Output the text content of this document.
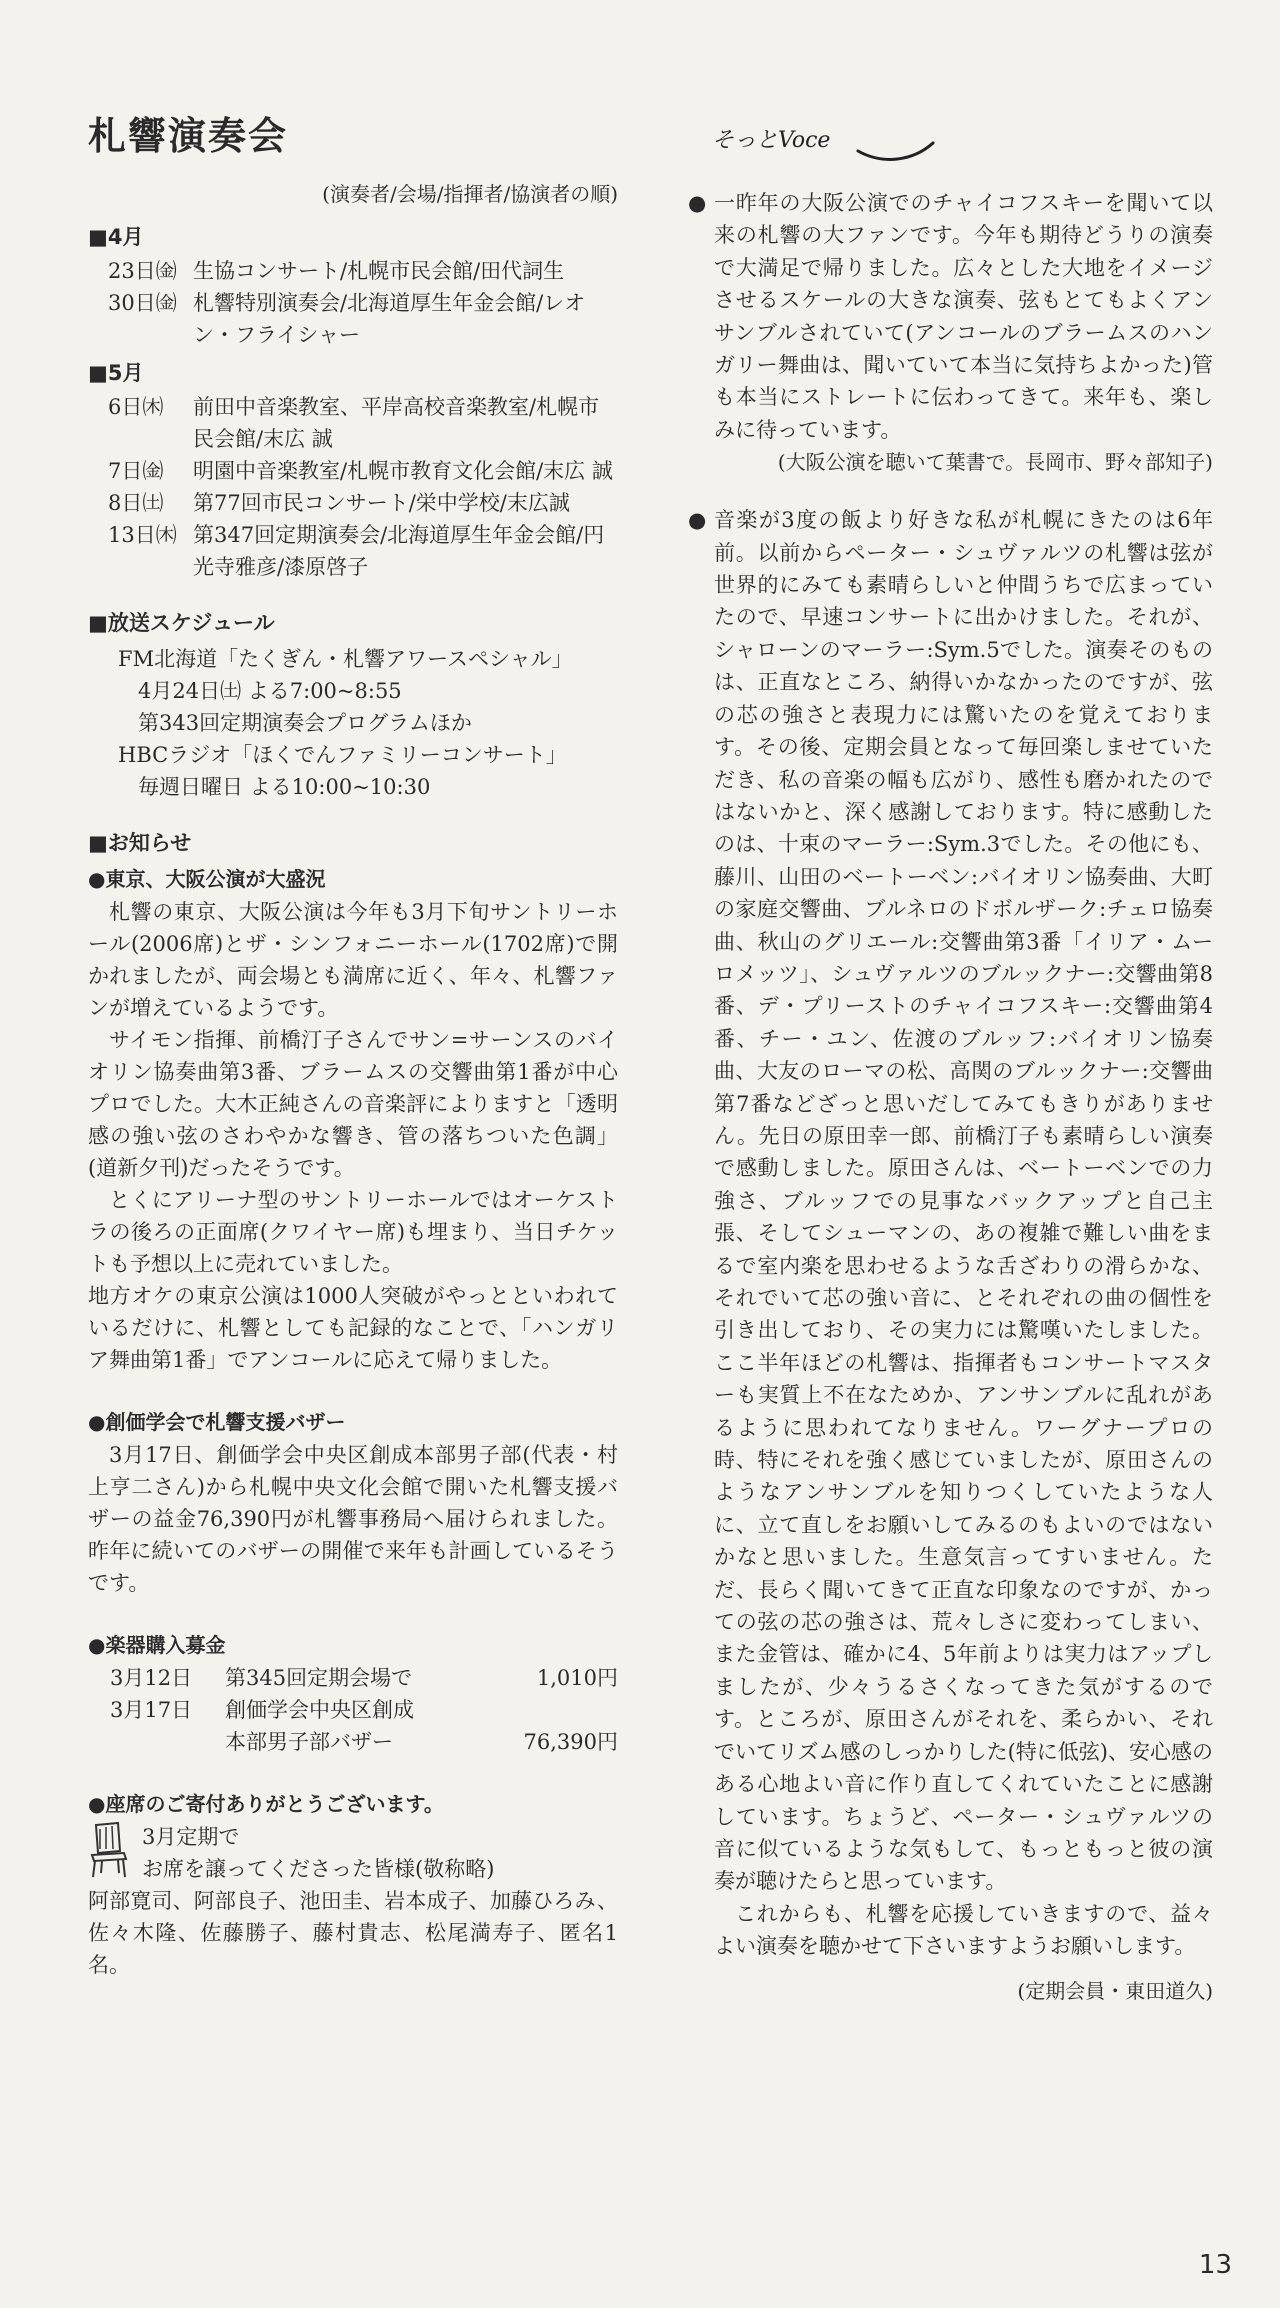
札響演奏会
(演奏者/会場/指揮者/協演者の順)
■4月
23日㈮ 生協コンサート/札幌市民会館/田代詞生
30日㈮ 札響特別演奏会/北海道厚生年金会館/レオン・フライシャー
■5月
6日㈭	前田中音楽教室、平岸高校音楽教室/札幌市民会館/末広 誠
7日㈮	明園中音楽教室/札幌市教育文化会館/末広 誠
8日㈯	第77回市民コンサート/栄中学校/末広誠
13日㈭ 第347回定期演奏会/北海道厚生年金会館/円光寺雅彦/漆原啓子
■放送スケジュール
FM北海道「たくぎん・札響アワースペシャル」
4月24日㈯ よる7:00~8:55
第343回定期演奏会プログラムほか
HBCラジオ「ほくでんファミリーコンサート」
毎週日曜日 よる10:00~10:30
■お知らせ
●東京、大阪公演が大盛況

札響の東京、大阪公演は今年も3月下旬サントリーホール(2006席)とザ・シンフォニーホール(1702席)で開かれましたが、両会場とも満席に近く、年々、札響ファンが増えているようです。

サイモン指揮、前橋汀子さんでサン=サーンスのバイオリン協奏曲第3番、ブラームスの交響曲第1番が中心プロでした。大木正純さんの音楽評によりますと「透明感の強い弦のさわやかな響き、管の落ちついた色調」(道新夕刊)だったそうです。

とくにアリーナ型のサントリーホールではオーケストラの後ろの正面席(クワイヤー席)も埋まり、当日チケットも予想以上に売れていました。

地方オケの東京公演は1000人突破がやっとといわれているだけに、札響としても記録的なことで、「ハンガリア舞曲第1番」でアンコールに応えて帰りました。

●創価学会で札響支援バザー

3月17日、創価学会中央区創成本部男子部(代表・村上亨二さん)から札幌中央文化会館で開いた札響支援バザーの益金76,390円が札響事務局へ届けられました。昨年に続いてのバザーの開催で来年も計画しているそうです。

●楽器購入募金
3月12日	第345回定期会場で	1,010円
3月17日	創価学会中央区創成
本部男子部バザー	76,390円
●座席のご寄付ありがとうございます。
3月定期で
お席を譲ってくださった皆様(敬称略)

阿部寛司、阿部良子、池田圭、岩本成子、加藤ひろみ、佐々木隆、佐藤勝子、藤村貴志、松尾満寿子、匿名1名。

そっとVoce
● 一昨年の大阪公演でのチャイコフスキーを聞いて以来の札響の大ファンです。今年も期待どうりの演奏で大満足で帰りました。広々とした大地をイメージさせるスケールの大きな演奏、弦もとてもよくアンサンブルされていて(アンコールのブラームスのハンガリー舞曲は、聞いていて本当に気持ちよかった)管も本当にストレートに伝わってきて。来年も、楽しみに待っています。
(大阪公演を聴いて葉書で。長岡市、野々部知子)
● 音楽が3度の飯より好きな私が札幌にきたのは6年前。以前からペーター・シュヴァルツの札響は弦が世界的にみても素晴らしいと仲間うちで広まっていたので、早速コンサートに出かけました。それが、シャローンのマーラー:Sym.5でした。演奏そのものは、正直なところ、納得いかなかったのですが、弦の芯の強さと表現力には驚いたのを覚えております。その後、定期会員となって毎回楽しませていただき、私の音楽の幅も広がり、感性も磨かれたのではないかと、深く感謝しております。特に感動したのは、十束のマーラー:Sym.3でした。その他にも、藤川、山田のベートーベン:バイオリン協奏曲、大町の家庭交響曲、ブルネロのドボルザーク:チェロ協奏曲、秋山のグリエール:交響曲第3番「イリア・ムーロメッツ」、シュヴァルツのブルックナー:交響曲第8番、デ・プリーストのチャイコフスキー:交響曲第4番、チー・ユン、佐渡のブルッフ:バイオリン協奏曲、大友のローマの松、高関のブルックナー:交響曲第7番などざっと思いだしてみてもきりがありません。先日の原田幸一郎、前橋汀子も素晴らしい演奏で感動しました。原田さんは、ベートーベンでの力強さ、ブルッフでの見事なバックアップと自己主張、そしてシューマンの、あの複雑で難しい曲をまるで室内楽を思わせるような舌ざわりの滑らかな、それでいて芯の強い音に、とそれぞれの曲の個性を引き出しており、その実力には驚嘆いたしました。ここ半年ほどの札響は、指揮者もコンサートマスターも実質上不在なためか、アンサンブルに乱れがあるように思われてなりません。ワーグナープロの時、特にそれを強く感じていましたが、原田さんのようなアンサンブルを知りつくしていたような人に、立て直しをお願いしてみるのもよいのではないかなと思いました。生意気言ってすいません。ただ、長らく聞いてきて正直な印象なのですが、かっての弦の芯の強さは、荒々しさに変わってしまい、また金管は、確かに4、5年前よりは実力はアップしましたが、少々うるさくなってきた気がするのです。ところが、原田さんがそれを、柔らかい、それでいてリズム感のしっかりした(特に低弦)、安心感のある心地よい音に作り直してくれていたことに感謝しています。ちょうど、ペーター・シュヴァルツの音に似ているような気もして、もっともっと彼の演奏が聴けたらと思っています。
これからも、札響を応援していきますので、益々よい演奏を聴かせて下さいますようお願いします。
(定期会員・東田道久)
13
